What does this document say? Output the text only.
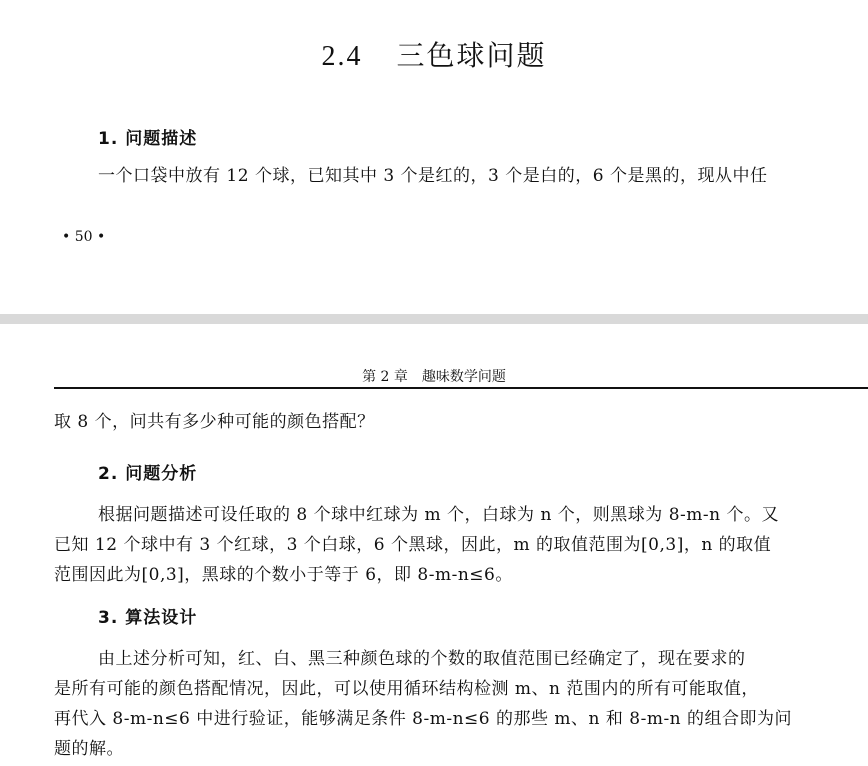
2.4 三色球问题
1. 问题描述
一个口袋中放有 12 个球，已知其中 3 个是红的，3 个是白的，6 个是黑的，现从中任
• 50 •
第 2 章　趣味数学问题
取 8 个，问共有多少种可能的颜色搭配？
2. 问题分析
根据问题描述可设任取的 8 个球中红球为 m 个，白球为 n 个，则黑球为 8-m-n 个。又
已知 12 个球中有 3 个红球，3 个白球，6 个黑球，因此，m 的取值范围为[0,3]，n 的取值
范围因此为[0,3]，黑球的个数小于等于 6，即 8-m-n≤6。
3. 算法设计
由上述分析可知，红、白、黑三种颜色球的个数的取值范围已经确定了，现在要求的
是所有可能的颜色搭配情况，因此，可以使用循环结构检测 m、n 范围内的所有可能取值，
再代入 8-m-n≤6 中进行验证，能够满足条件 8-m-n≤6 的那些 m、n 和 8-m-n 的组合即为问
题的解。
